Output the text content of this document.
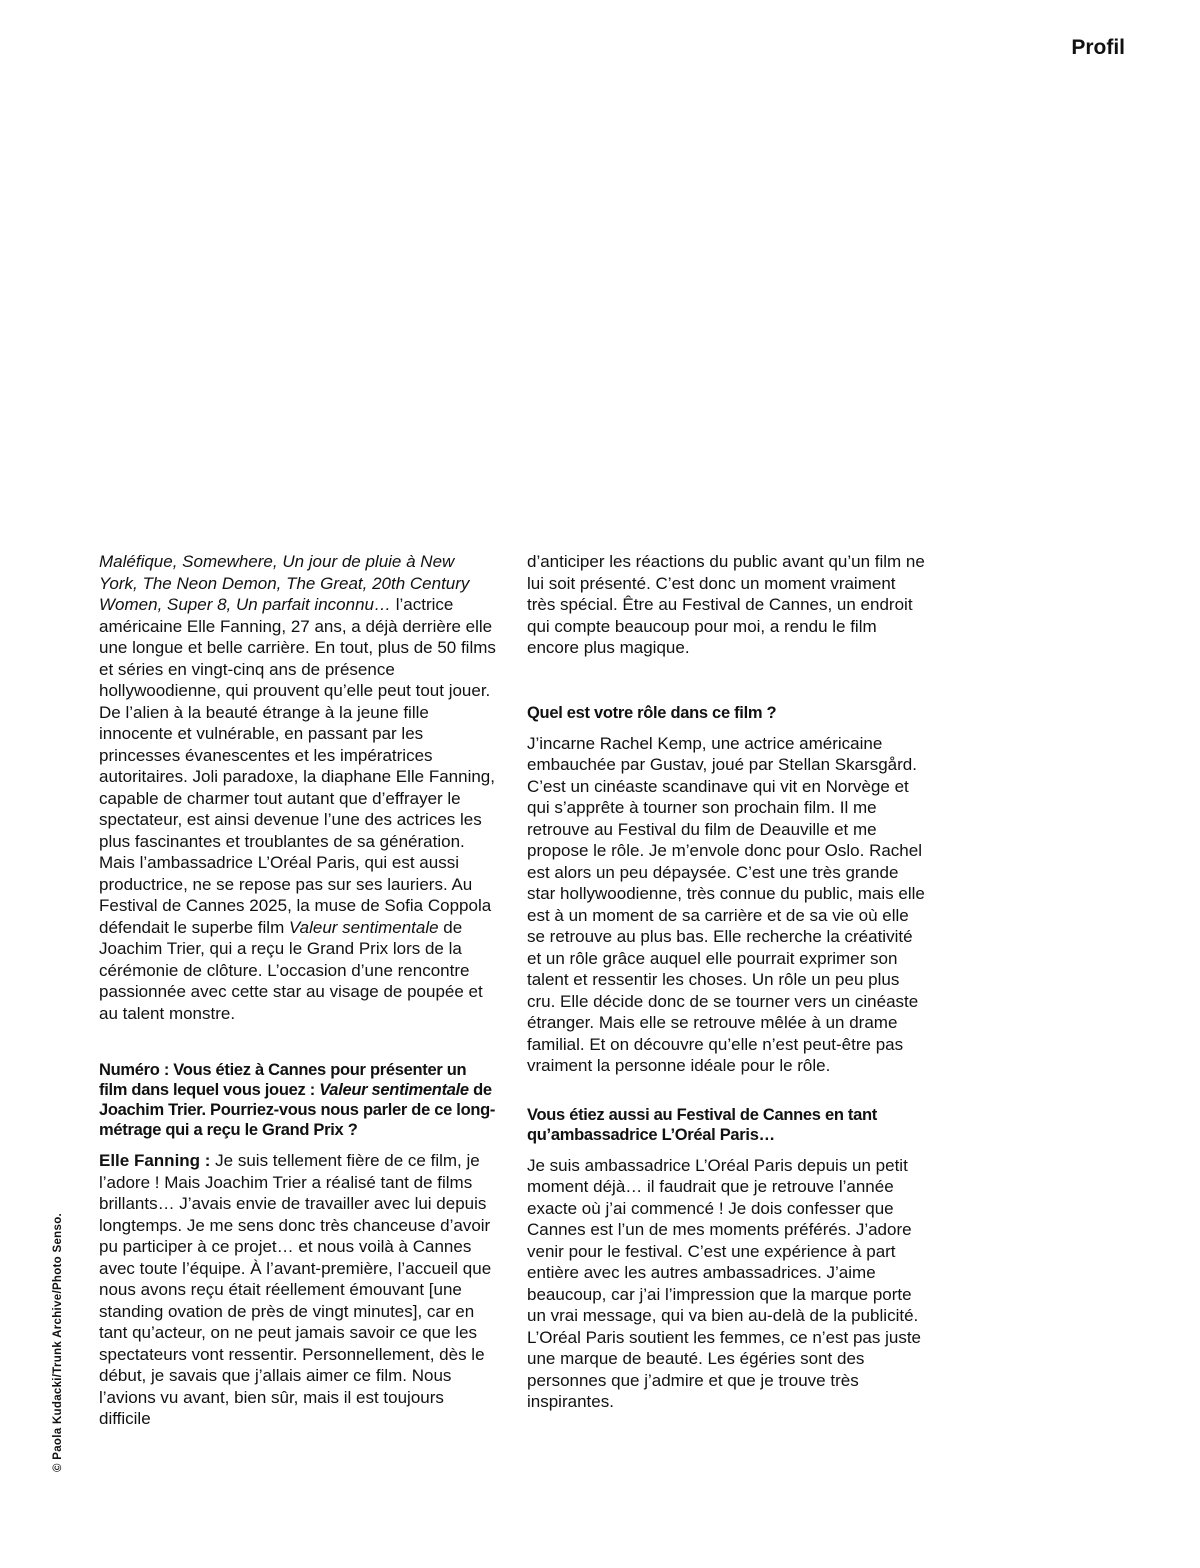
Profil
© Paola Kudacki/Trunk Archive/Photo Senso.

Maléfique, Somewhere, Un jour de pluie à New York, The Neon Demon, The Great, 20th Century Women, Super 8, Un parfait inconnu… l’actrice américaine Elle Fanning, 27 ans, a déjà derrière elle une longue et belle carrière. En tout, plus de 50 films et séries en vingt-cinq ans de présence hollywoodienne, qui prouvent qu’elle peut tout jouer. De l’alien à la beauté étrange à la jeune fille innocente et vulnérable, en passant par les princesses évanescentes et les impératrices autoritaires. Joli paradoxe, la diaphane Elle Fanning, capable de charmer tout autant que d’effrayer le spectateur, est ainsi devenue l’une des actrices les plus fascinantes et troublantes de sa génération. Mais l’ambassadrice L’Oréal Paris, qui est aussi productrice, ne se repose pas sur ses lauriers. Au Festival de Cannes 2025, la muse de Sofia Coppola défendait le superbe film Valeur sentimentale de Joachim Trier, qui a reçu le Grand Prix lors de la cérémonie de clôture. L’occasion d’une rencontre passionnée avec cette star au visage de poupée et au talent monstre.

Numéro : Vous étiez à Cannes pour présenter un film dans lequel vous jouez : Valeur sentimentale de Joachim Trier. Pourriez-vous nous parler de ce long-métrage qui a reçu le Grand Prix ?

Elle Fanning : Je suis tellement fière de ce film, je l’adore ! Mais Joachim Trier a réalisé tant de films brillants… J’avais envie de travailler avec lui depuis longtemps. Je me sens donc très chanceuse d’avoir pu participer à ce projet… et nous voilà à Cannes avec toute l’équipe. À l’avant-première, l’accueil que nous avons reçu était réellement émouvant [une standing ovation de près de vingt minutes], car en tant qu’acteur, on ne peut jamais savoir ce que les spectateurs vont ressentir. Personnellement, dès le début, je savais que j’allais aimer ce film. Nous l’avions vu avant, bien sûr, mais il est toujours difficile

d’anticiper les réactions du public avant qu’un film ne lui soit présenté. C’est donc un moment vraiment très spécial. Être au Festival de Cannes, un endroit qui compte beaucoup pour moi, a rendu le film encore plus magique.

Quel est votre rôle dans ce film ?

J’incarne Rachel Kemp, une actrice américaine embauchée par Gustav, joué par Stellan Skarsgård. C’est un cinéaste scandinave qui vit en Norvège et qui s’apprête à tourner son prochain film. Il me retrouve au Festival du film de Deauville et me propose le rôle. Je m’envole donc pour Oslo. Rachel est alors un peu dépaysée. C’est une très grande star hollywoodienne, très connue du public, mais elle est à un moment de sa carrière et de sa vie où elle se retrouve au plus bas. Elle recherche la créativité et un rôle grâce auquel elle pourrait exprimer son talent et ressentir les choses. Un rôle un peu plus cru. Elle décide donc de se tourner vers un cinéaste étranger. Mais elle se retrouve mêlée à un drame familial. Et on découvre qu’elle n’est peut-être pas vraiment la personne idéale pour le rôle.

Vous étiez aussi au Festival de Cannes en tant qu’ambassadrice L’Oréal Paris…

Je suis ambassadrice L’Oréal Paris depuis un petit moment déjà… il faudrait que je retrouve l’année exacte où j’ai commencé ! Je dois confesser que Cannes est l’un de mes moments préférés. J’adore venir pour le festival. C’est une expérience à part entière avec les autres ambassadrices. J’aime beaucoup, car j’ai l’impression que la marque porte un vrai message, qui va bien au-delà de la publicité. L’Oréal Paris soutient les femmes, ce n’est pas juste une marque de beauté. Les égéries sont des personnes que j’admire et que je trouve très inspirantes.
